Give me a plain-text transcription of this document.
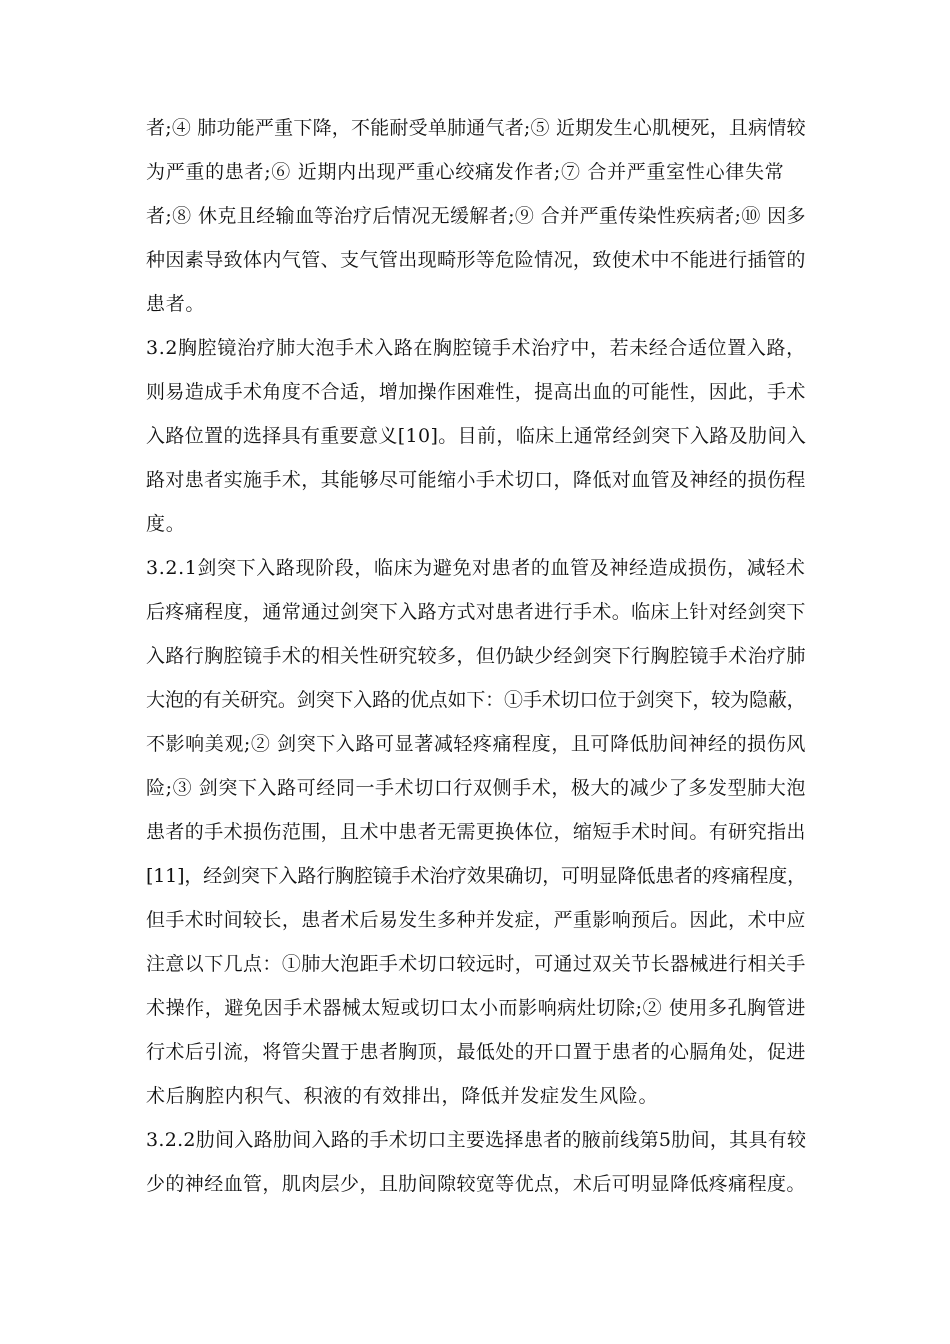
者;④ 肺功能严重下降，不能耐受单肺通气者;⑤ 近期发生心肌梗死，且病情较
为严重的患者;⑥ 近期内出现严重心绞痛发作者;⑦ 合并严重室性心律失常
者;⑧ 休克且经输血等治疗后情况无缓解者;⑨ 合并严重传染性疾病者;⑩ 因多
种因素导致体内气管、支气管出现畸形等危险情况，致使术中不能进行插管的
患者。
3.2胸腔镜治疗肺大泡手术入路在胸腔镜手术治疗中，若未经合适位置入路，
则易造成手术角度不合适，增加操作困难性，提高出血的可能性，因此，手术
入路位置的选择具有重要意义[10]。目前，临床上通常经剑突下入路及肋间入
路对患者实施手术，其能够尽可能缩小手术切口，降低对血管及神经的损伤程
度。
3.2.1剑突下入路现阶段，临床为避免对患者的血管及神经造成损伤，减轻术
后疼痛程度，通常通过剑突下入路方式对患者进行手术。临床上针对经剑突下
入路行胸腔镜手术的相关性研究较多，但仍缺少经剑突下行胸腔镜手术治疗肺
大泡的有关研究。剑突下入路的优点如下：①手术切口位于剑突下，较为隐蔽，
不影响美观;② 剑突下入路可显著减轻疼痛程度，且可降低肋间神经的损伤风
险;③ 剑突下入路可经同一手术切口行双侧手术，极大的减少了多发型肺大泡
患者的手术损伤范围，且术中患者无需更换体位，缩短手术时间。有研究指出
[11]，经剑突下入路行胸腔镜手术治疗效果确切，可明显降低患者的疼痛程度，
但手术时间较长，患者术后易发生多种并发症，严重影响预后。因此，术中应
注意以下几点：①肺大泡距手术切口较远时，可通过双关节长器械进行相关手
术操作，避免因手术器械太短或切口太小而影响病灶切除;② 使用多孔胸管进
行术后引流，将管尖置于患者胸顶，最低处的开口置于患者的心膈角处，促进
术后胸腔内积气、积液的有效排出，降低并发症发生风险。
3.2.2肋间入路肋间入路的手术切口主要选择患者的腋前线第5肋间，其具有较
少的神经血管，肌肉层少，且肋间隙较宽等优点，术后可明显降低疼痛程度。
